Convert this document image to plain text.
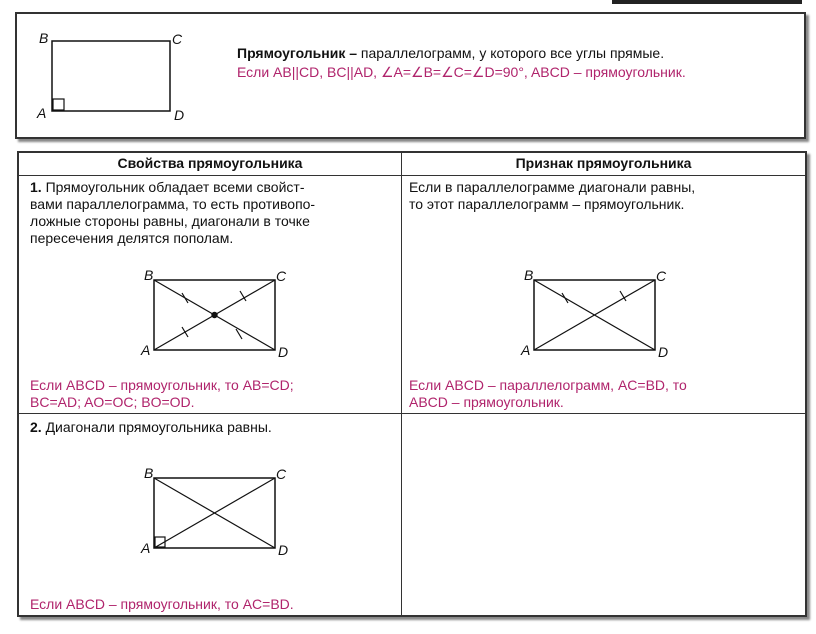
B	C
A	D
Прямоугольник – параллелограмм, у которого все углы прямые.
Если AB||CD, BC||AD, ∠A=∠B=∠C=∠D=90°, ABCD – прямоугольник.
Свойства прямоугольника	Признак прямоугольника
1. Прямоугольник обладает всеми свойст-
вами параллелограмма, то есть противопо-
ложные стороны равны, диагонали в точке
пересечения делятся пополам.
B	C
A	D
Если ABCD – прямоугольник, то AB=CD;
BC=AD; AO=OC; BO=OD.
Если в параллелограмме диагонали равны,
то этот параллелограмм – прямоугольник.
B	C
A	D
Если ABCD – параллелограмм, AC=BD, то
ABCD – прямоугольник.
2. Диагонали прямоугольника равны.
B	C
A	D
Если ABCD – прямоугольник, то AC=BD.
